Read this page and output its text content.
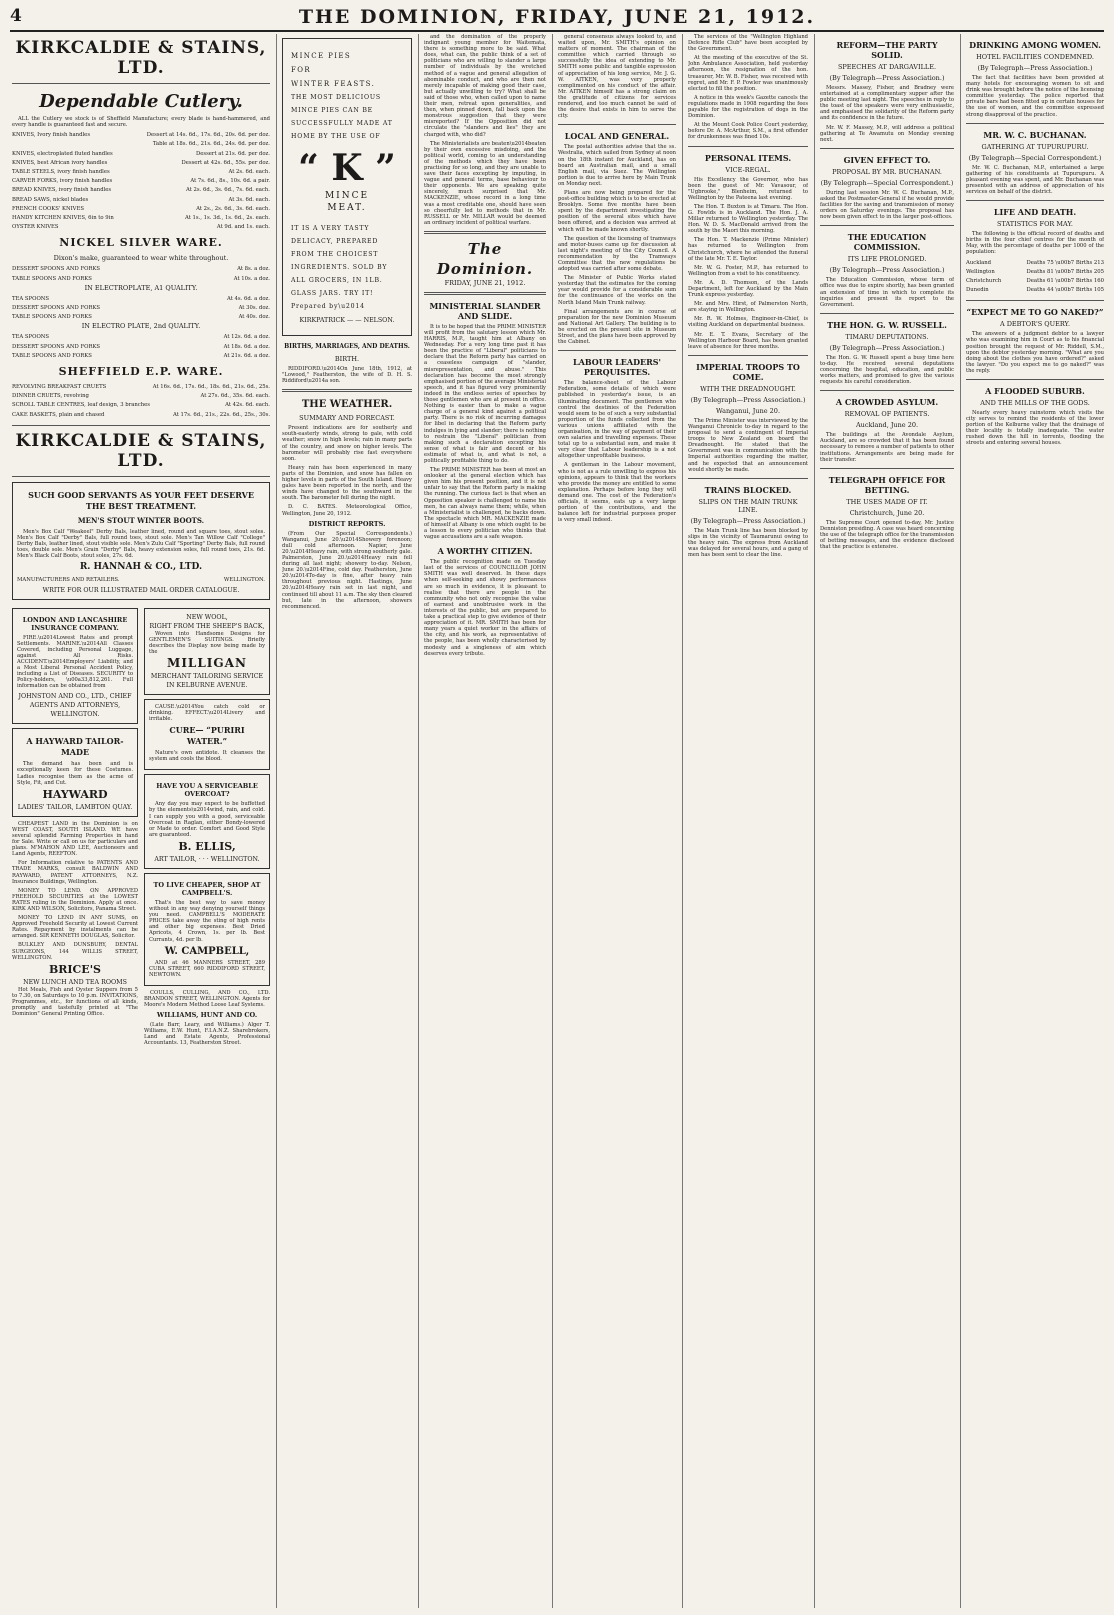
4	THE DOMINION, FRIDAY, JUNE 21, 1912.
KIRKCALDIE & STAINS, LTD.
Dependable Cutlery.

ALL the Cutlery we stock is of Sheffield Manufacture; every blade is hand-hammered, and every handle is guaranteed fast and secure.

KNIVES, Ivory finish handles	Dessert at 14s. 6d., 17s. 6d., 20s. 6d. per doz.
Table at 18s. 6d., 21s. 6d., 24s. 6d. per doz.
KNIVES, electroplated fluted handles	Dessert at 21s. 6d. per doz.
KNIVES, best African ivory handles	Dessert at 42s. 6d., 55s. per doz.
TABLE STEELS, ivory finish handles	At 2s. 6d. each.
CARVER FORKS, ivory finish handles	At 7s. 6d., 8s., 10s. 6d. a pair.
BREAD KNIVES, ivory finish handles	At 2s. 6d., 3s. 6d., 7s. 6d. each.
BREAD SAWS, nickel blades	At 3s. 6d. each.
FRENCH COOKS' KNIVES	At 2s., 2s. 6d., 3s. 6d. each.
HANDY KITCHEN KNIVES, 6in to 9in	At 1s., 1s. 3d., 1s. 6d., 2s. each.
OYSTER KNIVES	At 9d. and 1s. each.
NICKEL SILVER WARE.
Dixon's make, guaranteed to wear white throughout.
DESSERT SPOONS AND FORKS	At 8s. a doz.
TABLE SPOONS AND FORKS	At 10s. a doz.
IN ELECTROPLATE, A1 QUALITY.
TEA SPOONS	At 4s. 6d. a doz.
DESSERT SPOONS AND FORKS	At 30s. doz.
TABLE SPOONS AND FORKS	At 40s. doz.
IN ELECTRO PLATE, 2nd QUALITY.
TEA SPOONS	At 12s. 6d. a doz.
DESSERT SPOONS AND FORKS	At 18s. 6d. a doz.
TABLE SPOONS AND FORKS	At 21s. 6d. a doz.
SHEFFIELD E.P. WARE.
REVOLVING BREAKFAST CRUETS	At 16s. 6d., 17s. 6d., 18s. 6d., 21s. 6d., 25s.
DINNER CRUETS, revolving	At 27s. 6d., 35s. 6d. each.
SCROLL TABLE CENTRES, leaf design, 3 branches	At 42s. 6d. each.
CAKE BASKETS, plain and chased	At 17s. 6d., 21s., 22s. 6d., 25s., 30s.
KIRKCALDIE & STAINS, LTD.
SUCH GOOD SERVANTS AS YOUR FEET DESERVE THE BEST TREATMENT.
MEN'S STOUT WINTER BOOTS.

Men's Box Calf "Weakeel" Derby Bals, leather lined, round and square toes, stout soles. Men's Box Calf "Derby" Bals, full round toes, stout sole. Men's Tan Willow Calf "College" Derby Bals, leather lined, stout visible sole. Men's Zulu Calf "Sporting" Derby Bals, full round toes, double sole. Men's Grain "Derby" Bals, heavy extension soles, full round toes, 21s. 6d. Men's Black Calf Boots, stout soles, 27s. 6d.

R. HANNAH & CO., LTD.
MANUFACTURERS AND RETAILERS.	WELLINGTON.
WRITE FOR OUR ILLUSTRATED MAIL ORDER CATALOGUE.
LONDON AND LANCASHIRE INSURANCE COMPANY.

FIRE.\u2014Lowest Rates and prompt Settlements. MARINE.\u2014All Classes Covered, including Personal Luggage, against All Risks. ACCIDENT.\u2014Employers' Liability, and a Most Liberal Personal Accident Policy, including a List of Diseases. SECURITY to Policy-holders, \u00a33,812,261. Full information can be obtained from

JOHNSTON AND CO., LTD., CHIEF AGENTS AND ATTORNEYS, WELLINGTON.
A HAYWARD TAILOR-MADE

The demand has been and is exceptionally keen for these Costumes. Ladies recognise them as the acme of Style, Fit, and Cut.

HAYWARD
LADIES' TAILOR, LAMBTON QUAY.

CHEAPEST LAND in the Dominion is on WEST COAST, SOUTH ISLAND. WE have several splendid Farming Properties in hand for Sale. Write or call on us for particulars and plans. M'MAHON AND LEE, Auctioneers and Land Agents, REEFTON.

For Information relative to PATENTS AND TRADE MARKS, consult BALDWIN AND RAYWARD, PATENT ATTORNEYS, N.Z. Insurance Buildings, Wellington.

MONEY TO LEND. ON APPROVED FREEHOLD SECURITIES at the LOWEST RATES ruling in the Dominion. Apply at once. KIRK AND WILSON, Solicitors, Panama Street.

MONEY TO LEND IN ANY SUMS, on Approved Freehold Security at Lowest Current Rates. Repayment by instalments can be arranged. SIR KENNETH DOUGLAS, Solicitor.

BULKLEY AND DUNSBURY, DENTAL SURGEONS, 144 WILLIS STREET, WELLINGTON.

BRICE'S
NEW LUNCH AND TEA ROOMS

Hot Meals, Fish and Oyster Suppers from 5 to 7.30, on Saturdays to 10 p.m. INVITATIONS, Programmes, etc., for functions of all kinds, promptly and tastefully printed at "The Dominion" General Printing Office.

NEW WOOL,
RIGHT FROM THE SHEEP'S BACK,

Woven into Handsome Designs for GENTLEMEN'S SUITINGS. Briefly describes the Display now being made by the

MILLIGAN
MERCHANT TAILORING SERVICE
IN KELBURNE AVENUE.

CAUSE.\u2014You catch cold or drinking. EFFECT.\u2014Livery and irritable.

CURE— “PURIRI WATER.”

Nature's own antidote. It cleanses the system and cools the blood.

HAVE YOU A SERVICEABLE OVERCOAT?

Any day you may expect to be buffetted by the elements\u2014wind, rain, and cold. I can supply you with a good, serviceable Overcoat in Raglan, either Bondy-lowered or Made to order. Comfort and Good Style are guaranteed.

B. ELLIS,
ART TAILOR, · · · WELLINGTON.
TO LIVE CHEAPER, SHOP AT CAMPBELL'S.

That's the best way to save money without in any way denying yourself things you need. CAMPBELL'S MODERATE PRICES take away the sting of high rents and other big expenses. Best Dried Apricots, 4 Crown, 1s. per lb. Best Currants, 4d. per lb.

W. CAMPBELL,

AND at 46 MANNERS STREET, 289 CUBA STREET, 660 RIDDIFORD STREET, NEWTOWN.

COULLS, CULLING, AND CO., LTD. BRANDON STREET, WELLINGTON. Agents for Moore's Modern Method Loose Leaf Systems.

WILLIAMS, HUNT AND CO.

(Late Barr, Leary, and Williams.) Alger T. Williams, E.W. Hunt, F.I.A.N.Z. Sharebrokers, Land and Estate Agents, Professional Accountants. 13, Featherston Street.

MINCE PIES
FOR
WINTER FEASTS.

THE MOST DELICIOUS MINCE PIES CAN BE SUCCESSFULLY MADE AT HOME BY THE USE OF

“ K ”
MINCE
MEAT.

IT IS A VERY TASTY DELICACY, PREPARED FROM THE CHOICEST INGREDIENTS. SOLD BY ALL GROCERS, IN 1LB. GLASS JARS. TRY IT! Prepared by\u2014

KIRKPATRICK — — NELSON.
BIRTHS, MARRIAGES, AND DEATHS.
BIRTH.

RIDDIFORD.\u2014On June 18th, 1912, at "Lowood," Featherston, the wife of D. H. S. Riddiford\u2014a son.

THE WEATHER.
SUMMARY AND FORECAST.

Present indications are for southerly and south-easterly winds, strong to gale, with cold weather; snow in high levels; rain in many parts of the country, and snow on higher levels. The barometer will probably rise fast everywhere soon.

Heavy rain has been experienced in many parts of the Dominion, and snow has fallen on higher levels in parts of the South Island. Heavy gales have been reported in the north, and the winds have changed to the southward in the south. The barometer fell during the night.

D. C. BATES. Meteorological Office, Wellington, June 20, 1912.

DISTRICT REPORTS.

(From Our Special Correspondents.) Wanganui, June 20.\u2014Showery forenoon; dull cold afternoon. Napier, June 20.\u2014Heavy rain, with strong southerly gale. Palmerston, June 20.\u2014Heavy rain fell during all last night; showery to-day. Nelson, June 20.\u2014Fine, cold day. Featherston, June 20.\u2014To-day is fine, after heavy rain throughout previous night. Hastings, June 20.\u2014Heavy rain set in last night, and continued till about 11 a.m. The sky then cleared but, late in the afternoon, showers recommenced.

and the domination of the properly indignant young member for Waitemata, there is something more to be said. What does, what can, the public think of a set of politicians who are willing to slander a large number of individuals by the wretched method of a vague and general allegation of abominable conduct, and who are then not merely incapable of making good their case, but actually unwilling to try? What shall be said of those who, when called upon to name their men, retreat upon generalities, and then, when pinned down, fall back upon the monstrous suggestion that they were misreported? If the Opposition did not circulate the "slanders and lies" they are charged with, who did?

The Ministerialists are beaten\u2014beaten by their own excessive misdoing, and the political world, coming to an understanding of the methods which they have been practising for so long, and they are unable to save their faces excepting by imputing, in vague and general terms, base behaviour to their opponents. We are speaking quite sincerely, much surprised that Mr. MACKENZIE, whose record in a long time was a most creditable one, should have seen so cheerfully led to methods that in Mr. RUSSELL or Mr. MILLAR would be deemed an ordinary incident of political warfare.

The Dominion.
FRIDAY, JUNE 21, 1912.
MINISTERIAL SLANDER AND SLIDE.

It is to be hoped that the PRIME MINISTER will profit from the salutary lesson which Mr. HARRIS, M.P., taught him at Albany on Wednesday. For a very long time past it has been the practice of "Liberal" politicians to declare that the Reform party has carried on a ceaseless campaign of "slander, misrepresentation, and abuse." This declaration has become the most strongly emphasised portion of the average Ministerial speech, and it has figured very prominently indeed in the endless series of speeches by those gentlemen who are at present in office. Nothing is easier than to make a vague charge of a general kind against a political party. There is no risk of incurring damages for libel in declaring that the Reform party indulges in lying and slander; there is nothing to restrain the "Liberal" politician from making such a declaration excepting his sense of what is fair and decent or his estimate of what is, and what is not, a politically profitable thing to do.

The PRIME MINISTER has been at most an onlooker at the general election which has given him his present position, and it is not unfair to say that the Reform party is making the running. The curious fact is that when an Opposition speaker is challenged to name his men, he can always name them; while, when a Ministerialist is challenged, he backs down. The spectacle which MR. MACKENZIE made of himself at Albany is one which ought to be a lesson to every politician who thinks that vague accusations are a safe weapon.

A WORTHY CITIZEN.

The public recognition made on Tuesday last of the services of COUNCILLOR JOHN SMITH was well deserved. In these days when self-seeking and showy performances are so much in evidence, it is pleasant to realise that there are people in the community who not only recognise the value of earnest and unobtrusive work in the interests of the public, but are prepared to take a practical step to give evidence of their appreciation of it. MR. SMITH has been for many years a quiet worker in the affairs of the city, and his work, as representative of the people, has been wholly characterised by modesty and a singleness of aim which deserves every tribute.

general consensus always looked to, and waited upon, Mr. SMITH's opinion on matters of moment. The chairman of the committee which carried through so successfully the idea of extending to Mr. SMITH some public and tangible expression of appreciation of his long service, Mr. J. G. W. AITKEN, was very properly complimented on his conduct of the affair. Mr. AITKEN himself has a strong claim on the gratitude of citizens for services rendered, and too much cannot be said of the desire that exists in him to serve the city.

LOCAL AND GENERAL.

The postal authorities advise that the ss. Westralia, which sailed from Sydney at noon on the 18th instant for Auckland, has on board an Australian mail, and a small English mail, via Suez. The Wellington portion is due to arrive here by Main Trunk on Monday next.

Plans are now being prepared for the post-office building which is to be erected at Brooklyn. Some five months have been spent by the department investigating the position of the several sites which have been offered, and a decision was arrived at which will be made known shortly.

The question of the licensing of tramways and motor-buses came up for discussion at last night's meeting of the City Council. A recommendation by the Tramways Committee that the new regulations be adopted was carried after some debate.

The Minister of Public Works stated yesterday that the estimates for the coming year would provide for a considerable sum for the continuance of the works on the North Island Main Trunk railway.

Final arrangements are in course of preparation for the new Dominion Museum and National Art Gallery. The building is to be erected on the present site in Museum Street, and the plans have been approved by the Cabinet.

LABOUR LEADERS' PERQUISITES.

The balance-sheet of the Labour Federation, some details of which were published in yesterday's issue, is an illuminating document. The gentlemen who control the destinies of the Federation would seem to be of such a very substantial proportion of the funds collected from the various unions affiliated with the organisation, in the way of payment of their own salaries and travelling expenses. These total up to a substantial sum, and make it very clear that Labour leadership is a not altogether unprofitable business.

A gentleman in the Labour movement, who is not as a rule unwilling to express his opinions, appears to think that the workers who provide the money are entitled to some explanation. Perhaps before long they will demand one. The cost of the Federation's officials, it seems, eats up a very large portion of the contributions, and the balance left for industrial purposes proper is very small indeed.

The services of the "Wellington Highland Defence Rifle Club" have been accepted by the Government.

At the meeting of the executive of the St. John Ambulance Association, held yesterday afternoon, the resignation of the hon. treasurer, Mr. W. B. Fisher, was received with regret, and Mr. F. P. Fowler was unanimously elected to fill the position.

A notice in this week's Gazette cancels the regulations made in 1908 regarding the fees payable for the registration of dogs in the Dominion.

At the Mount Cook Police Court yesterday, before Dr. A. McArthur, S.M., a first offender for drunkenness was fined 10s.

PERSONAL ITEMS.
VICE-REGAL.

His Excellency the Governor, who has been the guest of Mr. Vavasour, of "Ugbrooke," Blenheim, returned to Wellington by the Pateena last evening.

The Hon. T. Buxton is at Timaru. The Hon. G. Fowlds is in Auckland. The Hon. J. A. Millar returned to Wellington yesterday. The Hon. W. D. S. MacDonald arrived from the south by the Maori this morning.

The Hon. T. Mackenzie (Prime Minister) has returned to Wellington from Christchurch, where he attended the funeral of the late Mr. T. E. Taylor.

Mr. W. G. Foster, M.P., has returned to Wellington from a visit to his constituency.

Mr. A. D. Thomson, of the Lands Department, left for Auckland by the Main Trunk express yesterday.

Mr. and Mrs. Hirst, of Palmerston North, are staying in Wellington.

Mr. R. W. Holmes, Engineer-in-Chief, is visiting Auckland on departmental business.

Mr. E. T. Evans, Secretary of the Wellington Harbour Board, has been granted leave of absence for three months.

IMPERIAL TROOPS TO COME.
WITH THE DREADNOUGHT.
(By Telegraph—Press Association.)
Wanganui, June 20.

The Prime Minister was interviewed by the Wanganui Chronicle to-day in regard to the proposal to send a contingent of Imperial troops to New Zealand on board the Dreadnought. He stated that the Government was in communication with the Imperial authorities regarding the matter, and he expected that an announcement would shortly be made.

TRAINS BLOCKED.
SLIPS ON THE MAIN TRUNK LINE.
(By Telegraph—Press Association.)

The Main Trunk line has been blocked by slips in the vicinity of Taumarunui owing to the heavy rain. The express from Auckland was delayed for several hours, and a gang of men has been sent to clear the line.

REFORM—THE PARTY SOLID.
SPEECHES AT DARGAVILLE.
(By Telegraph—Press Association.)

Messrs. Massey, Fisher, and Bradney were entertained at a complimentary supper after the public meeting last night. The speeches in reply to the toast of the speakers were very enthusiastic, and emphasised the solidarity of the Reform party and its confidence in the future.

Mr. W. F. Massey, M.P., will address a political gathering at Te Awamutu on Monday evening next.

GIVEN EFFECT TO.
PROPOSAL BY MR. BUCHANAN.
(By Telegraph—Special Correspondent.)

During last session Mr. W. C. Buchanan, M.P., asked the Postmaster-General if he would provide facilities for the saving and transmission of money orders on Saturday evenings. The proposal has now been given effect to in the larger post-offices.

THE EDUCATION COMMISSION.
ITS LIFE PROLONGED.
(By Telegraph—Press Association.)

The Education Commission, whose term of office was due to expire shortly, has been granted an extension of time in which to complete its inquiries and present its report to the Government.

THE HON. G. W. RUSSELL.
TIMARU DEPUTATIONS.
(By Telegraph—Press Association.)

The Hon. G. W. Russell spent a busy time here to-day. He received several deputations concerning the hospital, education, and public works matters, and promised to give the various requests his careful consideration.

A CROWDED ASYLUM.
REMOVAL OF PATIENTS.
Auckland, June 20.

The buildings at the Avondale Asylum, Auckland, are so crowded that it has been found necessary to remove a number of patients to other institutions. Arrangements are being made for their transfer.

TELEGRAPH OFFICE FOR BETTING.
THE USES MADE OF IT.
Christchurch, June 20.

The Supreme Court opened to-day, Mr. Justice Denniston presiding. A case was heard concerning the use of the telegraph office for the transmission of betting messages, and the evidence disclosed that the practice is extensive.

DRINKING AMONG WOMEN.
HOTEL FACILITIES CONDEMNED.
(By Telegraph—Press Association.)

The fact that facilities have been provided at many hotels for encouraging women to sit and drink was brought before the notice of the licensing committee yesterday. The police reported that private bars had been fitted up in certain houses for the use of women, and the committee expressed strong disapproval of the practice.

MR. W. C. BUCHANAN.
GATHERING AT TUPURUPURU.
(By Telegraph—Special Correspondent.)

Mr. W. C. Buchanan, M.P., entertained a large gathering of his constituents at Tupurupuru. A pleasant evening was spent, and Mr. Buchanan was presented with an address of appreciation of his services on behalf of the district.

LIFE AND DEATH.
STATISTICS FOR MAY.

The following is the official record of deaths and births in the four chief centres for the month of May, with the percentage of deaths per 1000 of the population:

Auckland	Deaths 75 \u00b7 Births 213
Wellington	Deaths 81 \u00b7 Births 205
Christchurch	Deaths 61 \u00b7 Births 160
Dunedin	Deaths 44 \u00b7 Births 105
“EXPECT ME TO GO NAKED?”
A DEBTOR'S QUERY.

The answers of a judgment debtor to a lawyer who was examining him in Court as to his financial position brought the request of Mr. Riddell, S.M., upon the debtor yesterday morning. "What are you doing about the clothes you have ordered?" asked the lawyer. "Do you expect me to go naked?" was the reply.

A FLOODED SUBURB.
AND THE MILLS OF THE GODS.

Nearly every heavy rainstorm which visits the city serves to remind the residents of the lower portion of the Kelburne valley that the drainage of their locality is totally inadequate. The water rushed down the hill in torrents, flooding the streets and entering several houses.
